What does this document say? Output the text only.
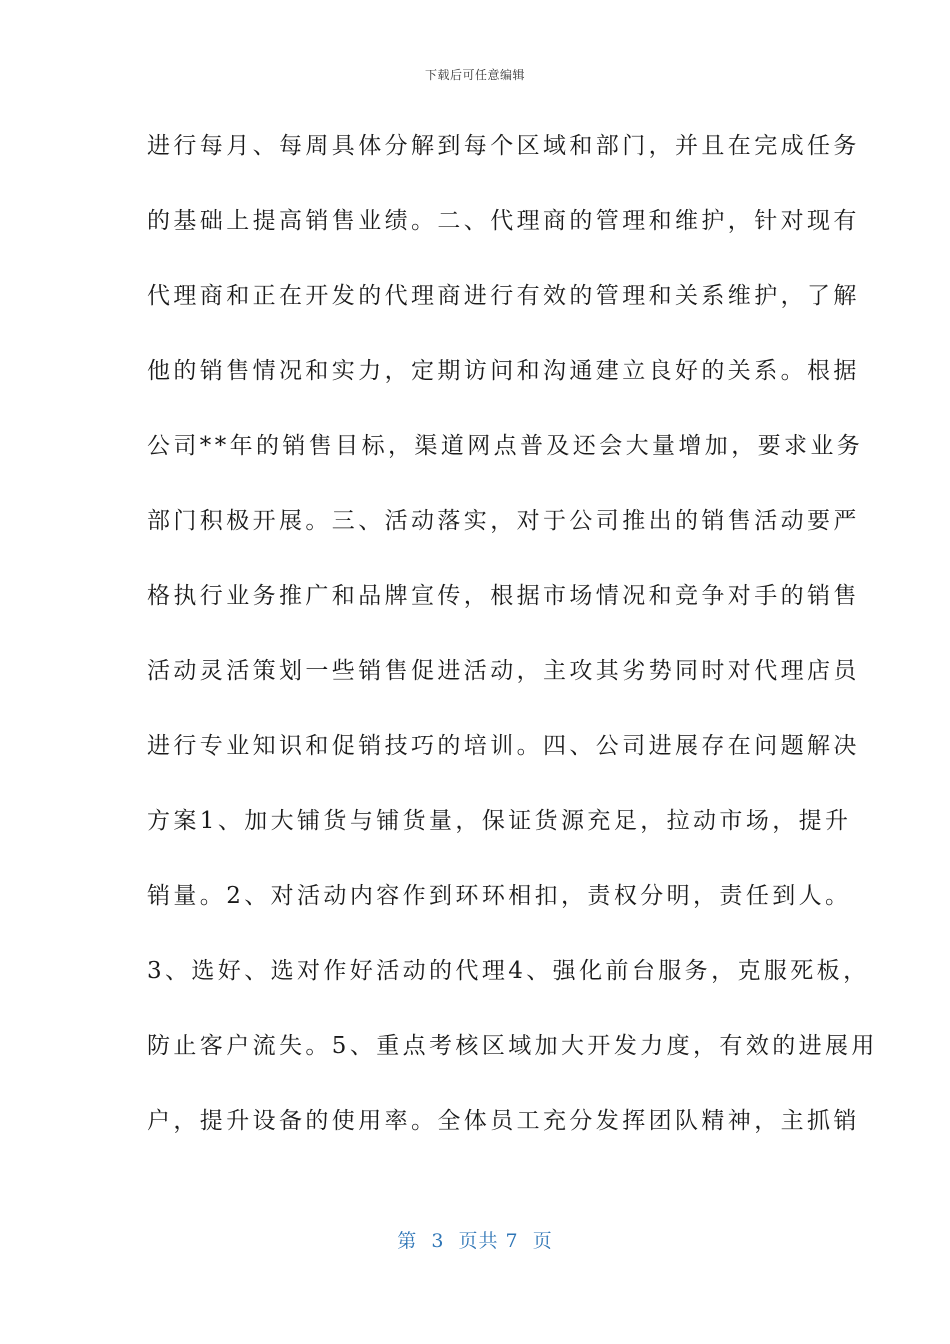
下载后可任意编辑
进行每月、每周具体分解到每个区域和部门，并且在完成任务
的基础上提高销售业绩。二、代理商的管理和维护，针对现有
代理商和正在开发的代理商进行有效的管理和关系维护，了解
他的销售情况和实力，定期访问和沟通建立良好的关系。根据
公司**年的销售目标，渠道网点普及还会大量增加，要求业务
部门积极开展。三、活动落实，对于公司推出的销售活动要严
格执行业务推广和品牌宣传，根据市场情况和竞争对手的销售
活动灵活策划一些销售促进活动，主攻其劣势同时对代理店员
进行专业知识和促销技巧的培训。四、公司进展存在问题解决
方案1、加大铺货与铺货量，保证货源充足，拉动市场，提升
销量。2、对活动内容作到环环相扣，责权分明，责任到人。
3、选好、选对作好活动的代理4、强化前台服务，克服死板，
防止客户流失。5、重点考核区域加大开发力度，有效的进展用
户，提升设备的使用率。全体员工充分发挥团队精神，主抓销
第  3  页共 7  页
